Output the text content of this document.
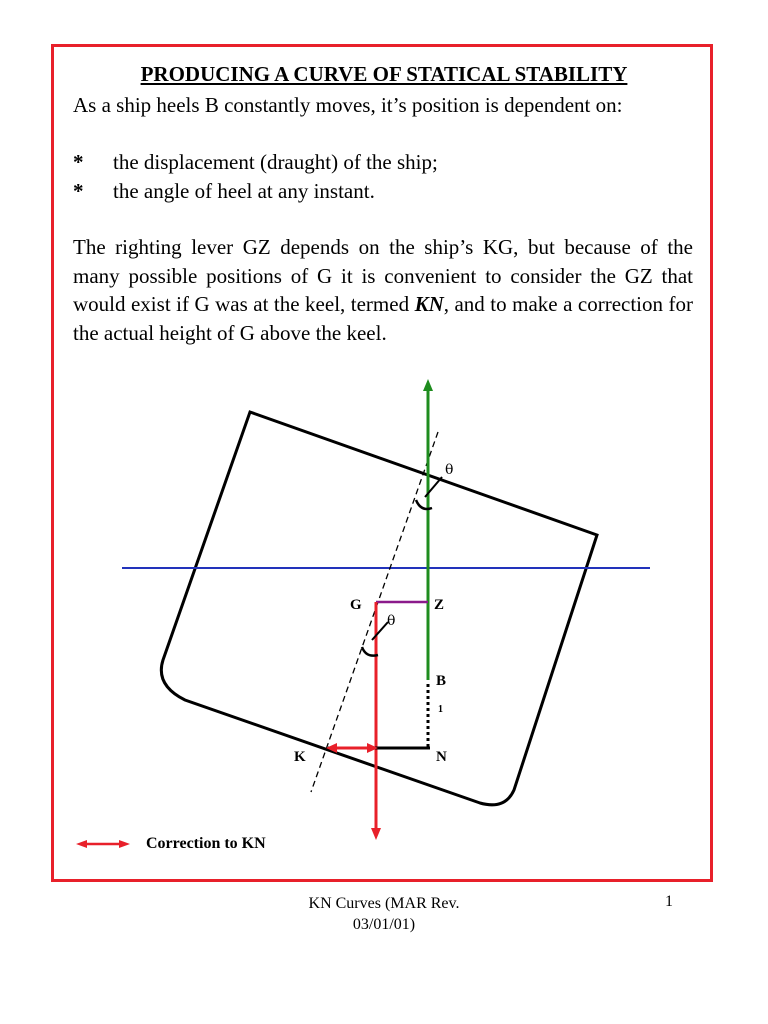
PRODUCING A CURVE OF STATICAL STABILITY
As a ship heels B constantly moves, it’s position is dependent on:
* the displacement (draught) of the ship;
* the angle of heel at any instant.
The righting lever GZ depends on the ship’s KG, but because of the many possible positions of G it is convenient to consider the GZ that would exist if G was at the keel, termed KN, and to make a correction for the actual height of G above the keel.
G	Z
B
1
K	N
θ
θ
Correction to KN
KN Curves (MAR Rev. 03/01/01)
1
